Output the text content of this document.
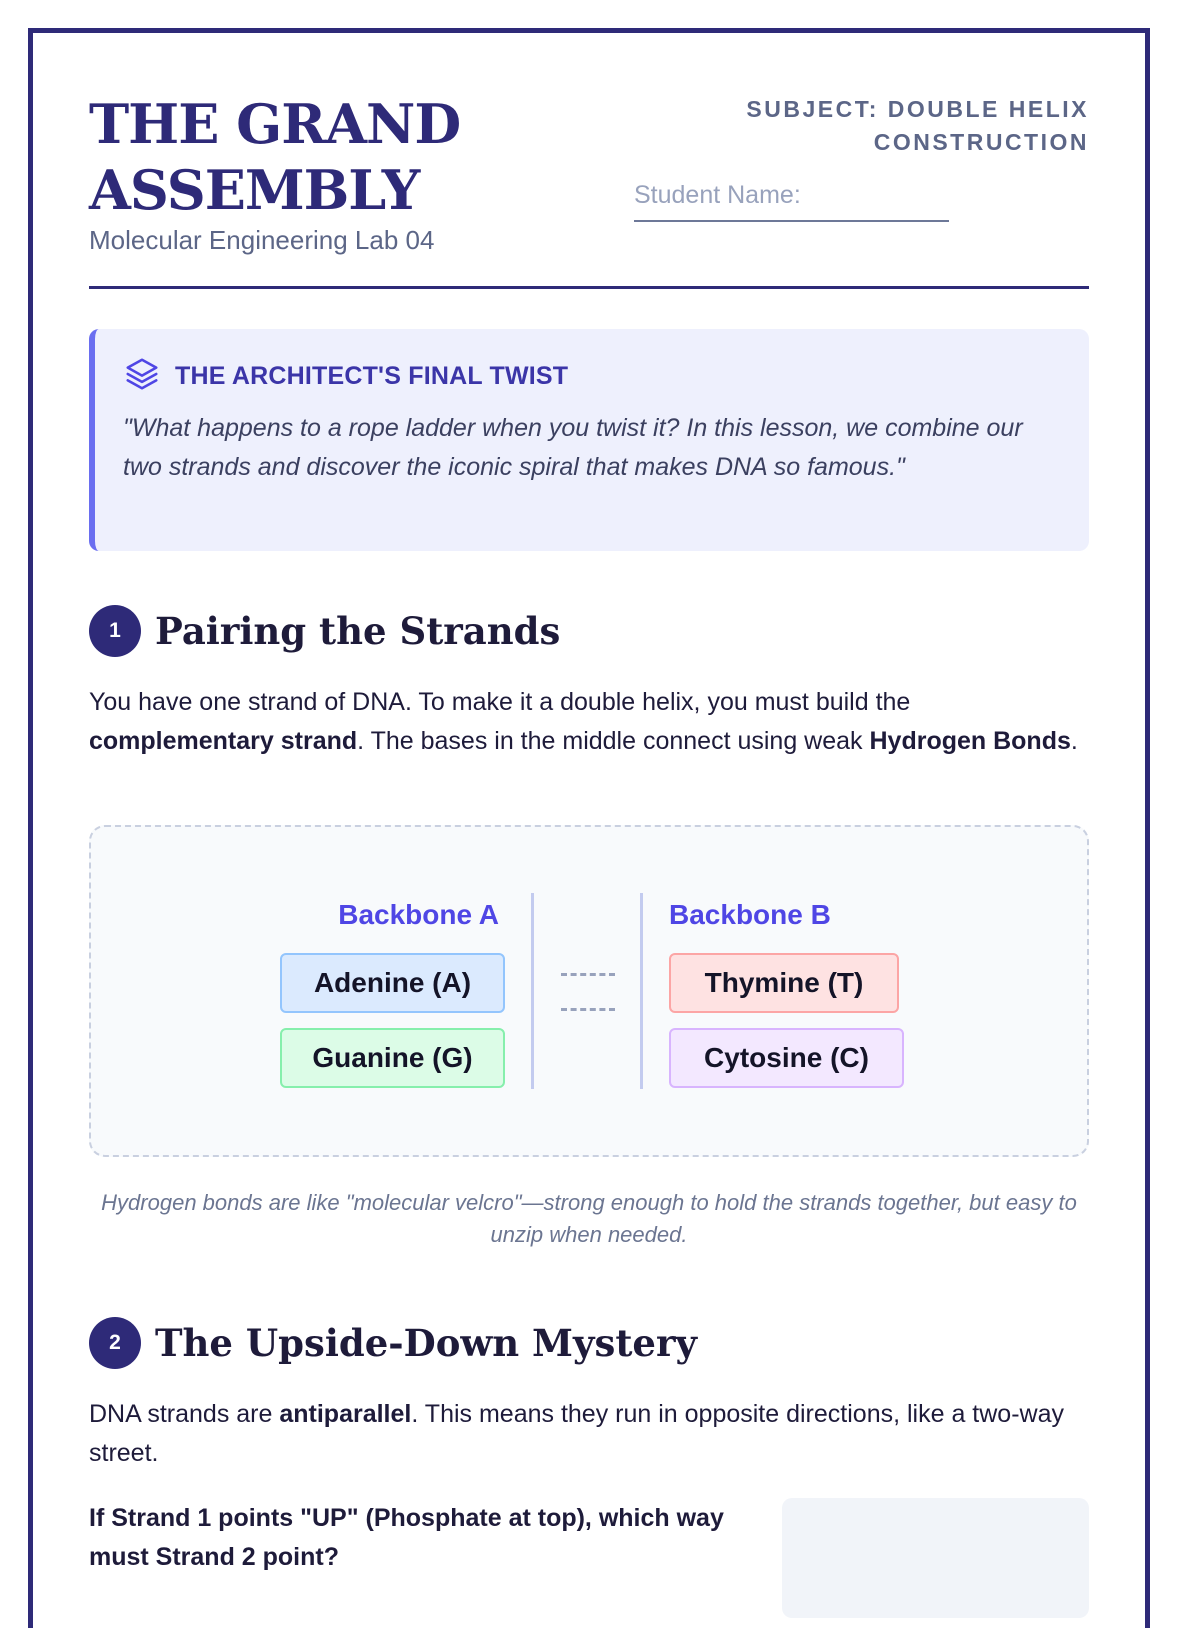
THE GRAND
ASSEMBLY
Molecular Engineering Lab 04
SUBJECT: DOUBLE HELIX
CONSTRUCTION
Student Name:
THE ARCHITECT'S FINAL TWIST
"What happens to a rope ladder when you twist it? In this lesson, we combine our two strands and discover the iconic spiral that makes DNA so famous."
1 Pairing the Strands
You have one strand of DNA. To make it a double helix, you must build the complementary strand. The bases in the middle connect using weak Hydrogen Bonds.
Backbone A	Backbone B
Adenine (A)
Guanine (G)
Thymine (T)
Cytosine (C)
Hydrogen bonds are like "molecular velcro"—strong enough to hold the strands together, but easy to unzip when needed.
2 The Upside-Down Mystery
DNA strands are antiparallel. This means they run in opposite directions, like a two-way street.
If Strand 1 points "UP" (Phosphate at top), which way must Strand 2 point?
